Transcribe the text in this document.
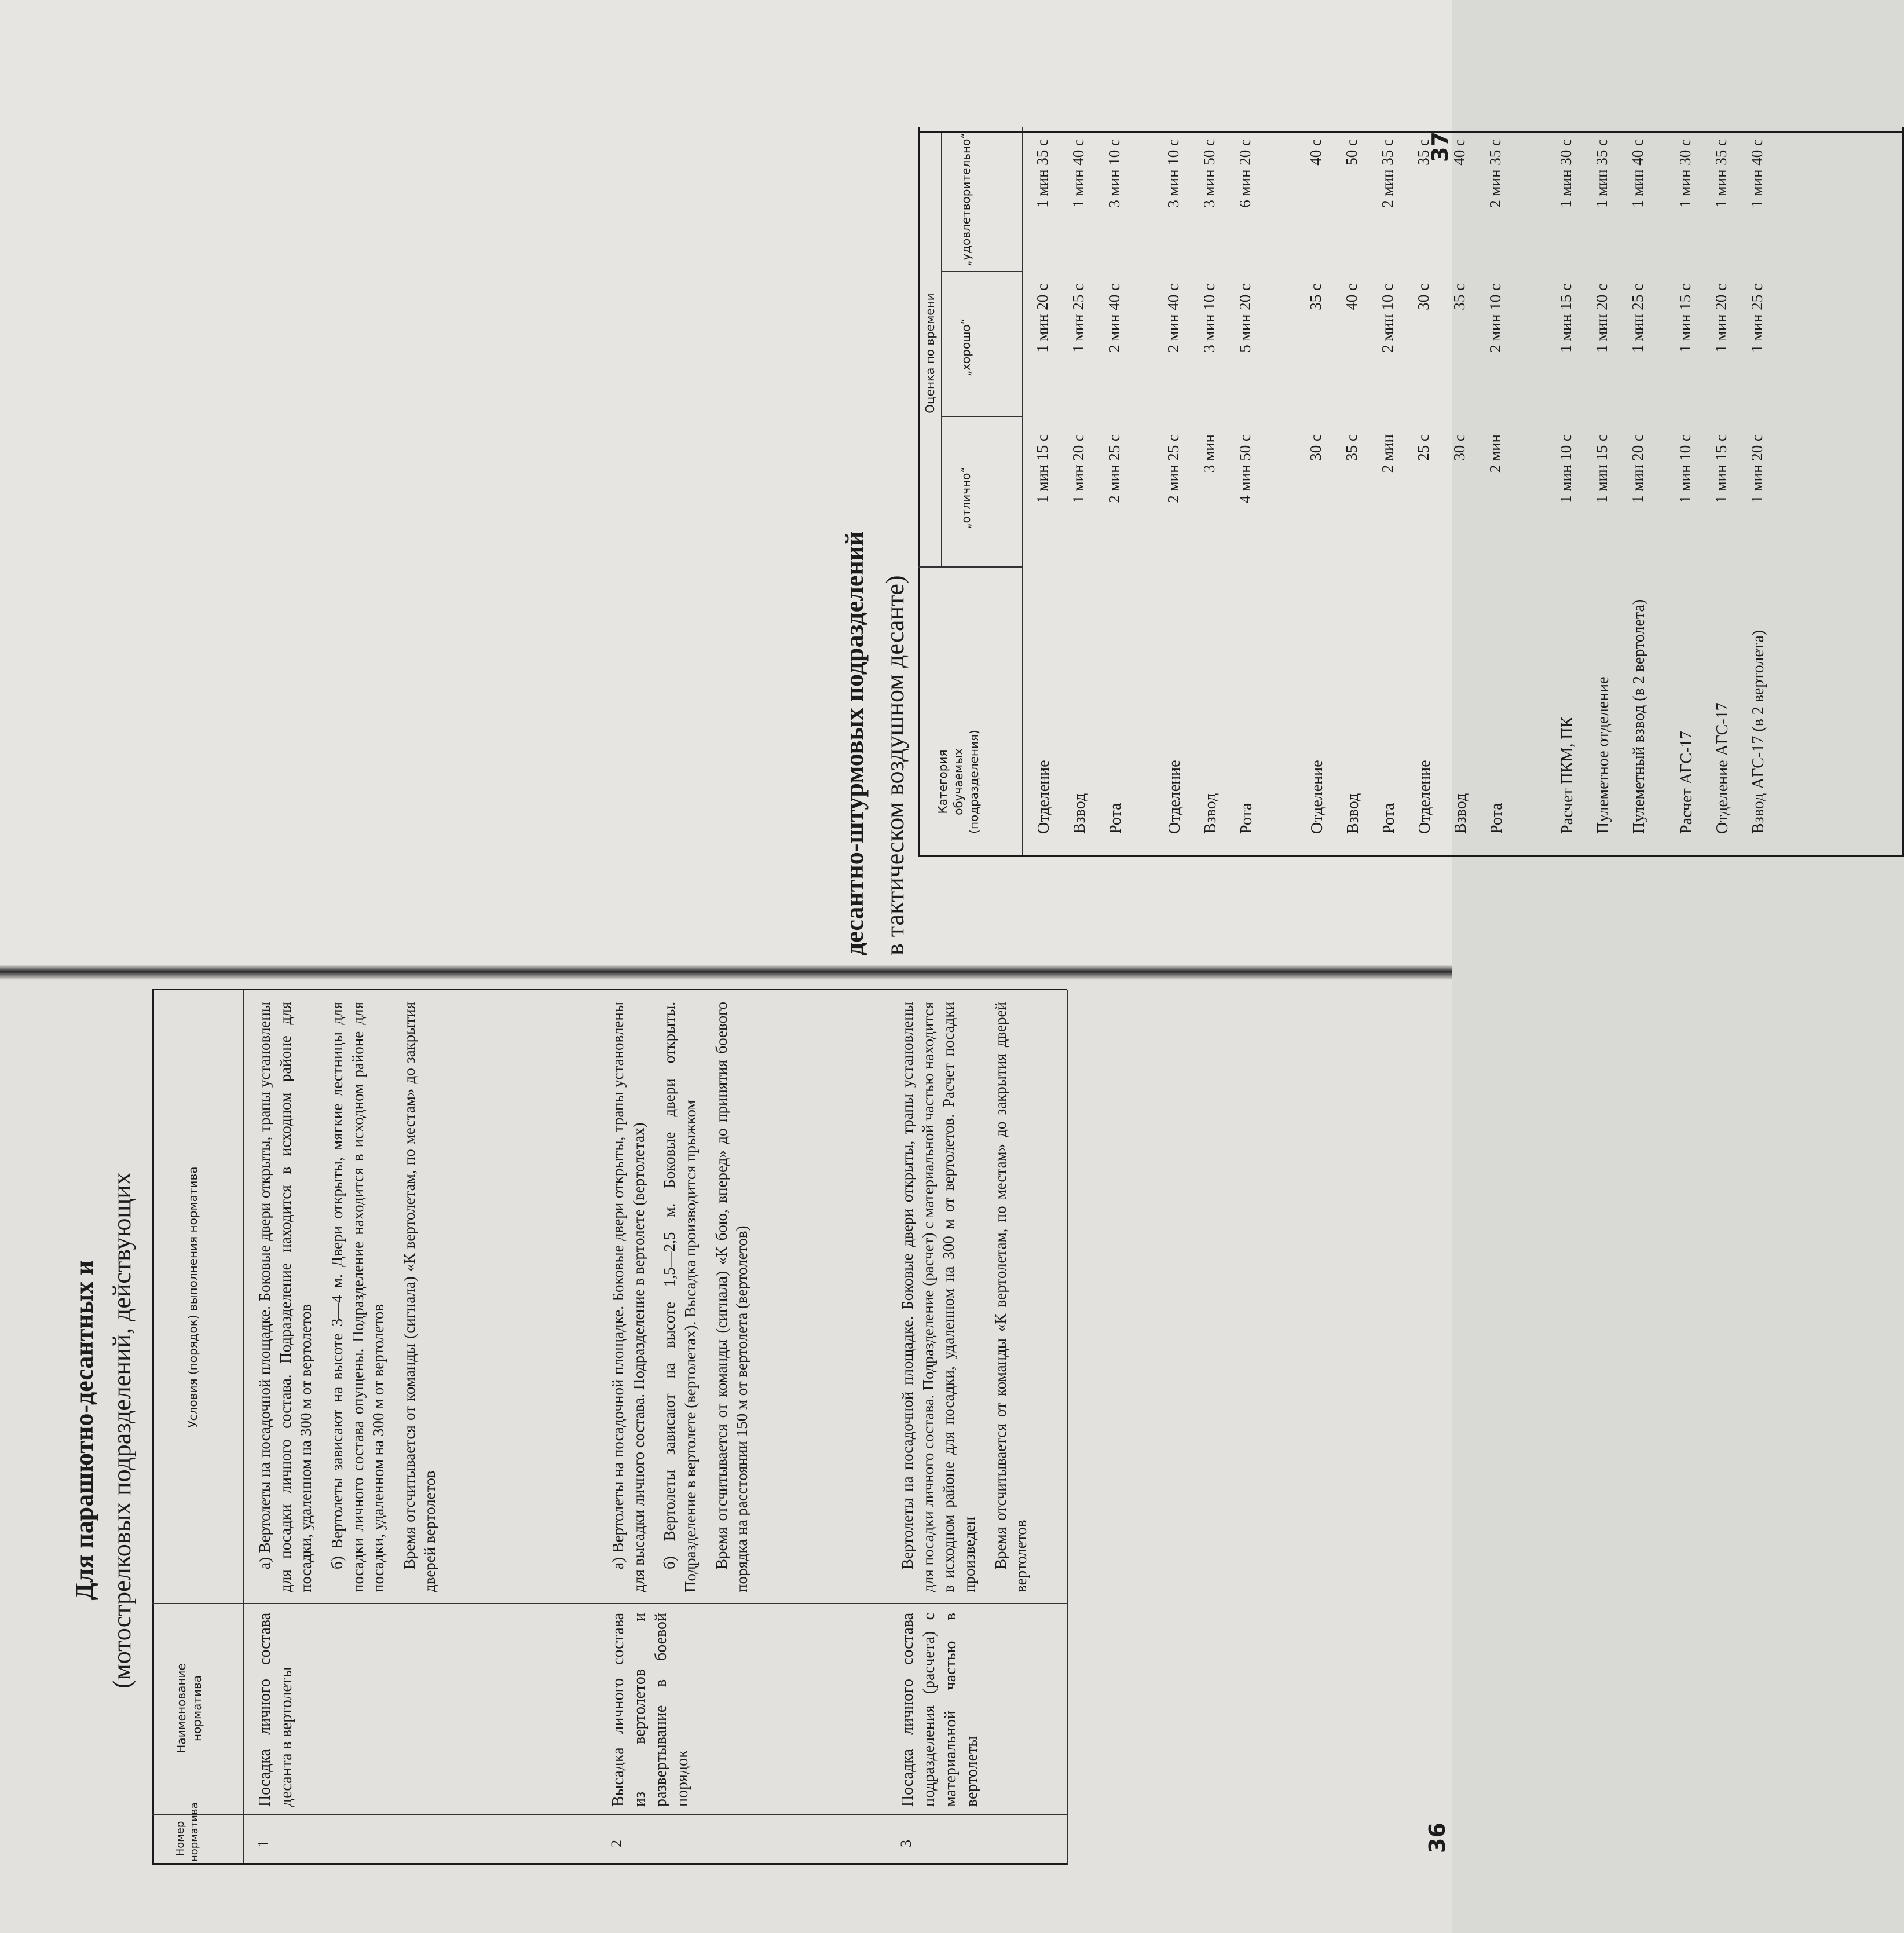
десантно-штурмовых подразделений в тактическом воздушном десанте) Категория обучаемых (подразделения)
Оценка по времени
„отлично“
„хорошо“
„удовлетворительно“
Отделение
1 мин 15 с
1 мин 20 с
1 мин 35 с
Взвод
1 мин 20 с
1 мин 25 с
1 мин 40 с
Рота
2 мин 25 с
2 мин 40 с
3 мин 10 с
Отделение
2 мин 25 с
2 мин 40 с
3 мин 10 с
Взвод
3 мин
3 мин 10 с
3 мин 50 с
Рота
4 мин 50 с
5 мин 20 с
6 мин 20 с
Отделение
30 с
35 с
40 с
Взвод
35 с
40 с
50 с
Рота
2 мин
2 мин 10 с
2 мин 35 с
Отделение
25 с
30 с
35 с
Взвод
30 с
35 с
40 с
Рота
2 мин
2 мин 10 с
2 мин 35 с
Расчет ПКМ, ПК
1 мин 10 с
1 мин 15 с
1 мин 30 с
Пулеметное отделение
1 мин 15 с
1 мин 20 с
1 мин 35 с
Пулеметный взвод (в 2 вертолета)
1 мин 20 с
1 мин 25 с
1 мин 40 с
Расчет АГС-17
1 мин 10 с
1 мин 15 с
1 мин 30 с
Отделение АГС-17
1 мин 15 с
1 мин 20 с
1 мин 35 с
Взвод АГС-17 (в 2 вертолета)
1 мин 20 с
1 мин 25 с
1 мин 40 с
37
Для парашютно-десантных и (мотострелковых подразделений, действующих
Номер норматива
Наименование норматива
Условия (порядок) выполнения норматива
1
Посадка личного состава десанта в вертолеты
а) Вертолеты на посадочной площадке. Боковые двери открыты, трапы установлены для посадки личного состава. Подразделение находится в исходном районе для посадки, удаленном на 300 м от вертолетов б) Вертолеты зависают на высоте 3—4 м. Двери открыты, мягкие лестницы для посадки личного состава опущены. Подразделение находится в исходном районе для посадки, удаленном на 300 м от вертолетов Время отсчитывается от команды (сигнала) «К вертолетам, по местам» до закрытия дверей вертолетов
2
Высадка личного состава из вертолетов и развертывание в боевой порядок
а) Вертолеты на посадочной площадке. Боковые двери открыты, трапы установлены для высадки личного состава. Подразделение в вертолете (вертолетах) б) Вертолеты зависают на высоте 1,5—2,5 м. Боковые двери открыты. Подразделение в вертолете (вертолетах). Высадка производится прыжком Время отсчитывается от команды (сигнала) «К бою, вперед» до принятия боевого порядка на расстоянии 150 м от вертолета (вертолетов)
3
Посадка личного состава подразделения (расчета) с материальной частью в вертолеты
Вертолеты на посадочной площадке. Боковые двери открыты, трапы установлены для посадки личного состава. Подразделение (расчет) с материальной частью находится в исходном районе для посадки, удаленном на 300 м от вертолетов. Расчет посадки произведен Время отсчитывается от команды «К вертолетам, по местам» до закрытия дверей вертолетов
36
